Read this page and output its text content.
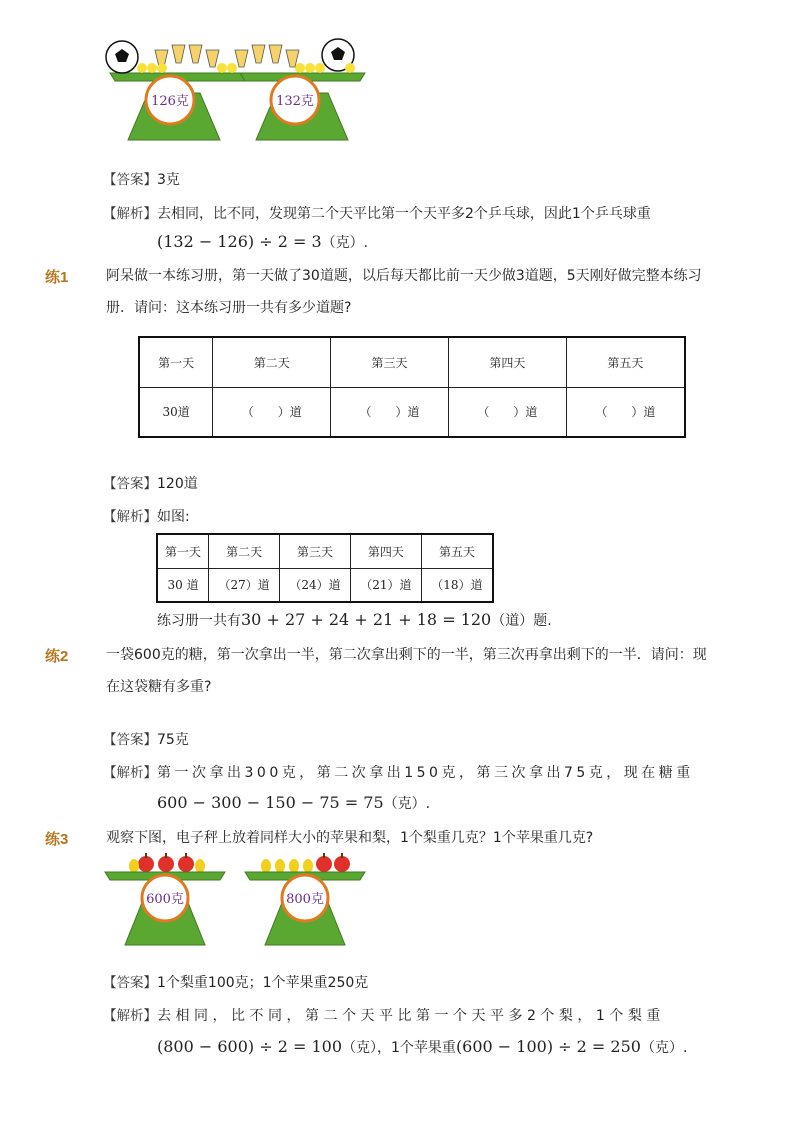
126克	132克
【答案】3克
【解析】去相同，比不同，发现第二个天平比第一个天平多2个乒乓球，因此1个乒乓球重
(132 − 126) ÷ 2 = 3（克）.
练1	阿呆做一本练习册，第一天做了30道题，以后每天都比前一天少做3道题，5天刚好做完整本练习
册．请问：这本练习册一共有多少道题?
第一天	第二天	第三天	第四天	第五天
30道	（　　）道	（　　）道	（　　）道	（　　）道
【答案】120道
【解析】如图:
第一天	第二天	第三天	第四天	第五天
30 道	（27）道	（24）道	（21）道	（18）道
练习册一共有30 + 27 + 24 + 21 + 18 = 120（道）题.
练2	一袋600克的糖，第一次拿出一半，第二次拿出剩下的一半，第三次再拿出剩下的一半．请问：现
在这袋糖有多重?
【答案】75克
【解析】第一次拿出300克，第二次拿出150克，第三次拿出75克，现在糖重
600 − 300 − 150 − 75 = 75（克）.
练3	观察下图，电子秤上放着同样大小的苹果和梨，1个梨重几克？1个苹果重几克?
600克	800克
【答案】1个梨重100克；1个苹果重250克
【解析】去相同，比不同，第二个天平比第一个天平多2个梨，1个梨重
(800 − 600) ÷ 2 = 100（克），1个苹果重(600 − 100) ÷ 2 = 250（克）.
